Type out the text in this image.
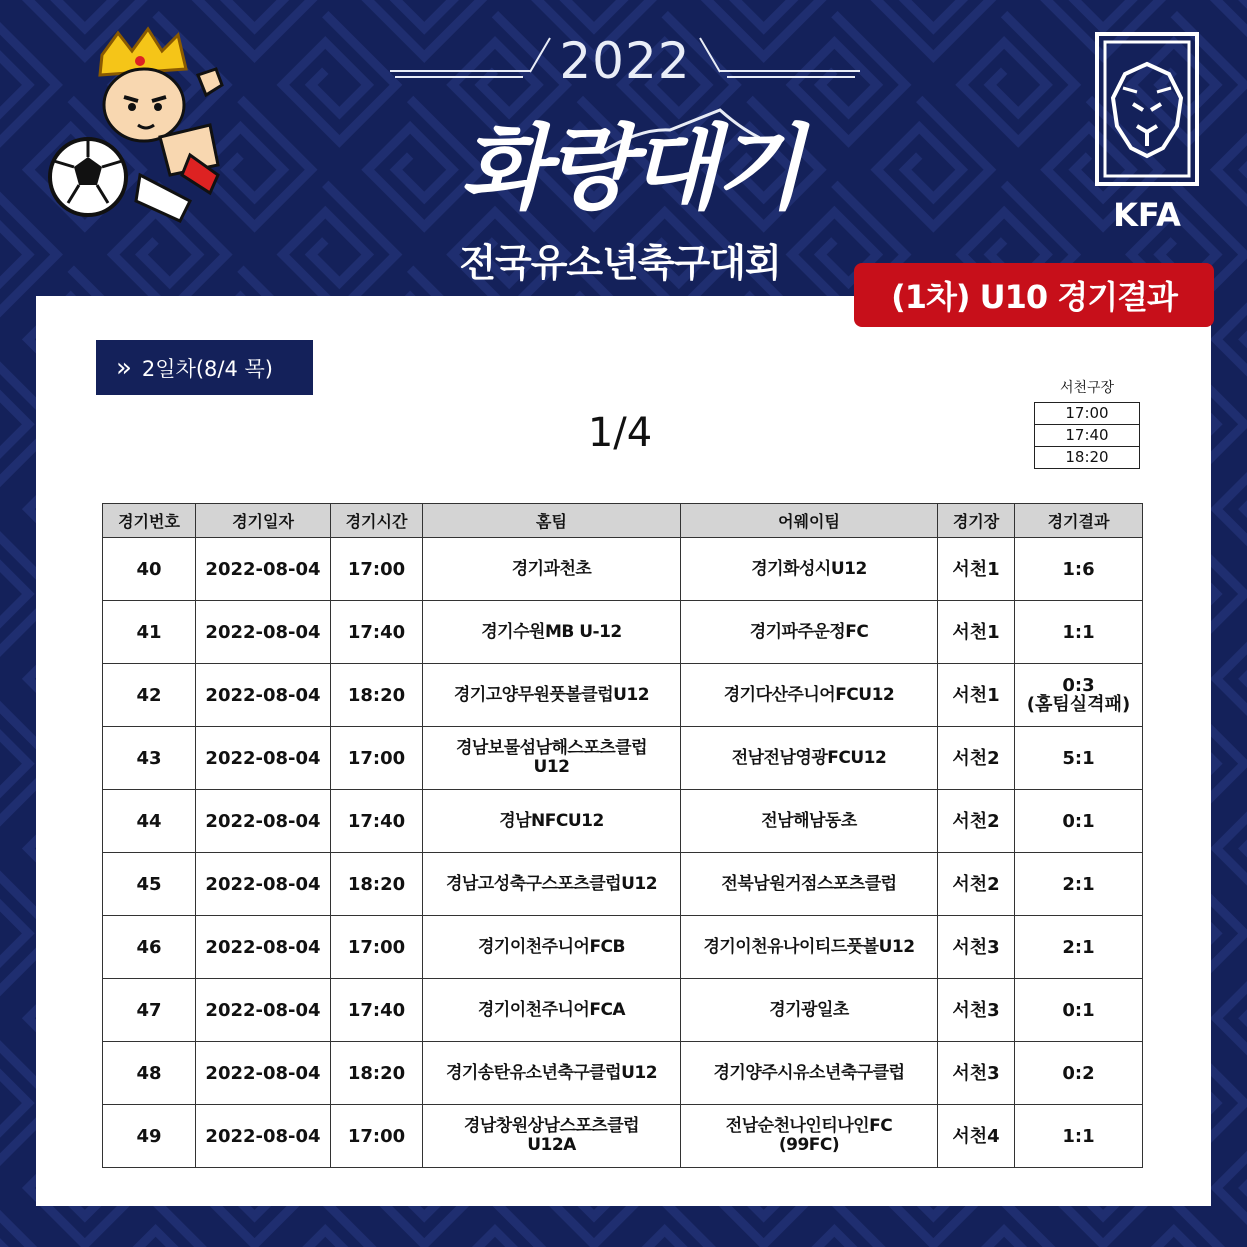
2022
화랑대기
전국유소년축구대회
KFA
(1차) U10 경기결과
» 2일차(8/4 목)
1/4
서천구장
17:00
17:40
18:20
경기번호	경기일자	경기시간	홈팀	어웨이팀	경기장	경기결과
40	2022-08-04	17:00	경기과천초	경기화성시U12	서천1	1:6
41	2022-08-04	17:40	경기수원MB U-12	경기파주운정FC	서천1	1:1
42	2022-08-04	18:20	경기고양무원풋볼클럽U12	경기다산주니어FCU12	서천1	0:3
(홈팀실격패)
43	2022-08-04	17:00	경남보물섬남해스포츠클럽
U12	전남전남영광FCU12	서천2	5:1
44	2022-08-04	17:40	경남NFCU12	전남해남동초	서천2	0:1
45	2022-08-04	18:20	경남고성축구스포츠클럽U12	전북남원거점스포츠클럽	서천2	2:1
46	2022-08-04	17:00	경기이천주니어FCB	경기이천유나이티드풋볼U12	서천3	2:1
47	2022-08-04	17:40	경기이천주니어FCA	경기광일초	서천3	0:1
48	2022-08-04	18:20	경기송탄유소년축구클럽U12	경기양주시유소년축구클럽	서천3	0:2
49	2022-08-04	17:00	경남창원상남스포츠클럽
U12A	전남순천나인티나인FC
(99FC)	서천4	1:1
